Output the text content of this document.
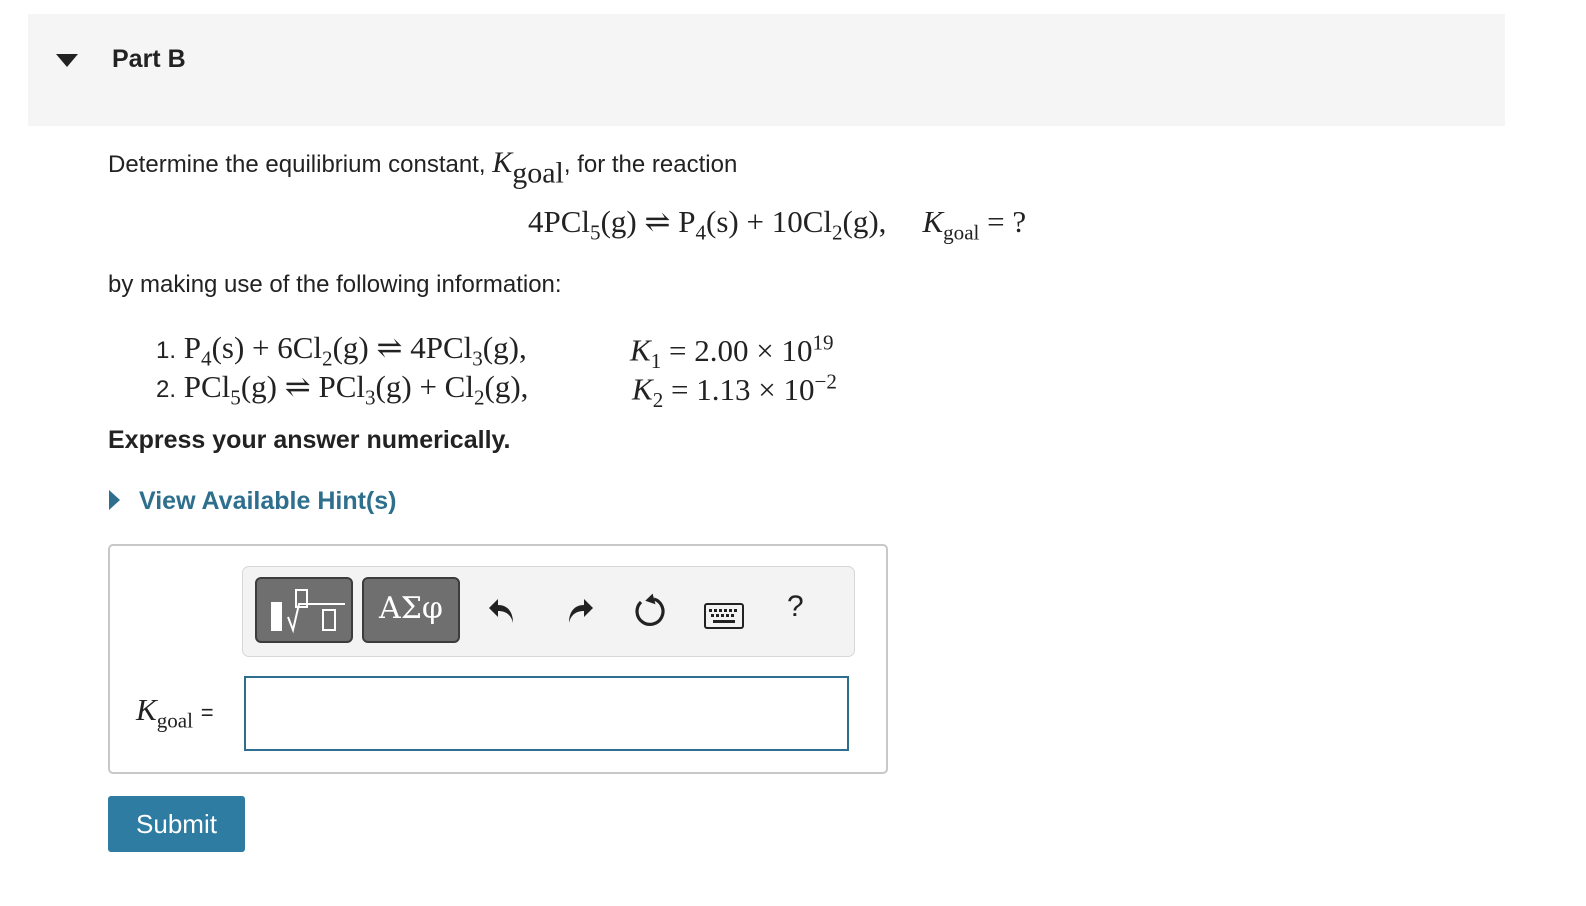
Part B
Determine the equilibrium constant, Kgoal, for the reaction
4PCl$_5$(g) ⇌ $P_4(s) + 10Cl_2(g)$, $K_{goal}$ = ?
by making use of the following information:
1. $P_4(s) + 6Cl_2(g)$ ⇌ 4PCl$_3$(g),	$K_1 = 2.00 \times 10^{19}$
2. PCl$_5$(g) ⇌ $PCl_3(g) + Cl_2(g)$,	$K_2 = 1.13 \times 10^{-2}$
Express your answer numerically.
View Available Hint(s)
ΑΣφ	?
$K_{goal}$ =
Submit
